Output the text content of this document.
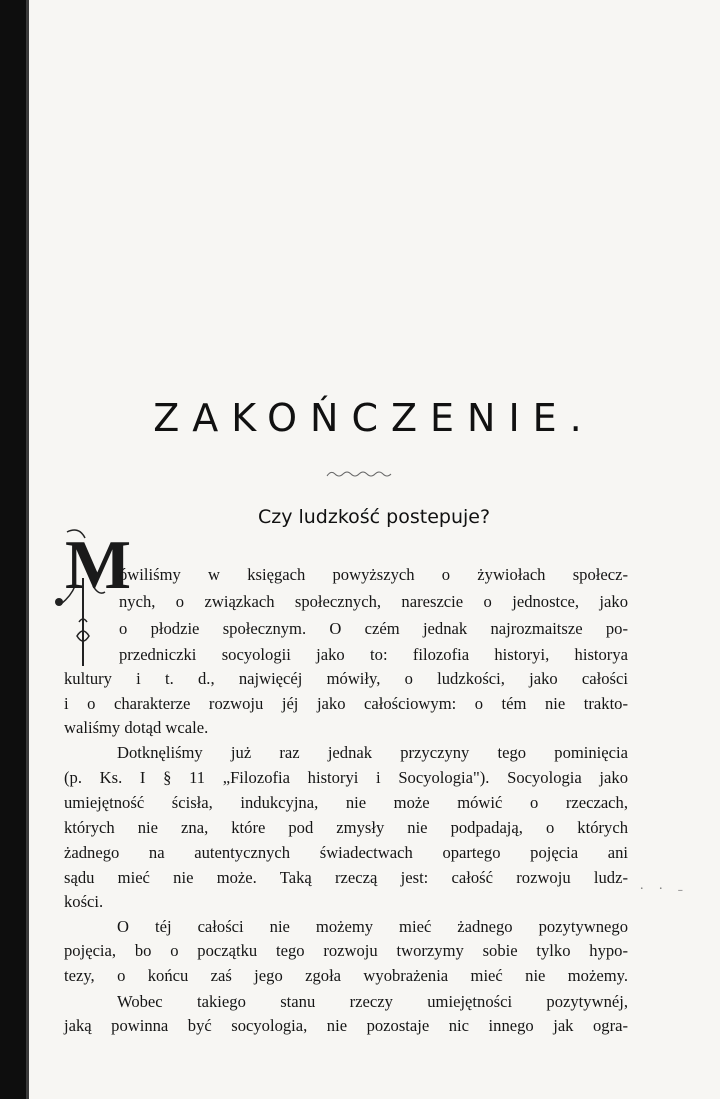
ZAKOŃCZENIE.
Czy ludzkość postepuje?
M
ówiliśmy w księgach powyższych o żywiołach społecz-
nych, o związkach społecznych, nareszcie o jednostce, jako
o płodzie społecznym. O czém jednak najrozmaitsze po-
przedniczki socyologii jako to: filozofia historyi, historya
kultury i t. d., najwięcéj mówiły, o ludzkości, jako całości
i o charakterze rozwoju jéj jako całościowym: o tém nie trakto-
waliśmy dotąd wcale.
Dotknęliśmy już raz jednak przyczyny tego pominięcia
(p. Ks. I § 11 „Filozofia historyi i Socyologia"). Socyologia jako
umiejętność ścisła, indukcyjna, nie może mówić o rzeczach,
których nie zna, które pod zmysły nie podpadają, o których
żadnego na autentycznych świadectwach opartego pojęcia ani
sądu mieć nie może. Taką rzeczą jest: całość rozwoju ludz-
kości.
O téj całości nie możemy mieć żadnego pozytywnego
pojęcia, bo o początku tego rozwoju tworzymy sobie tylko hypo-
tezy, o końcu zaś jego zgoła wyobrażenia mieć nie możemy.
Wobec takiego stanu rzeczy umiejętności pozytywnéj,
jaką powinna być socyologia, nie pozostaje nic innego jak ogra-
. . ˍ
